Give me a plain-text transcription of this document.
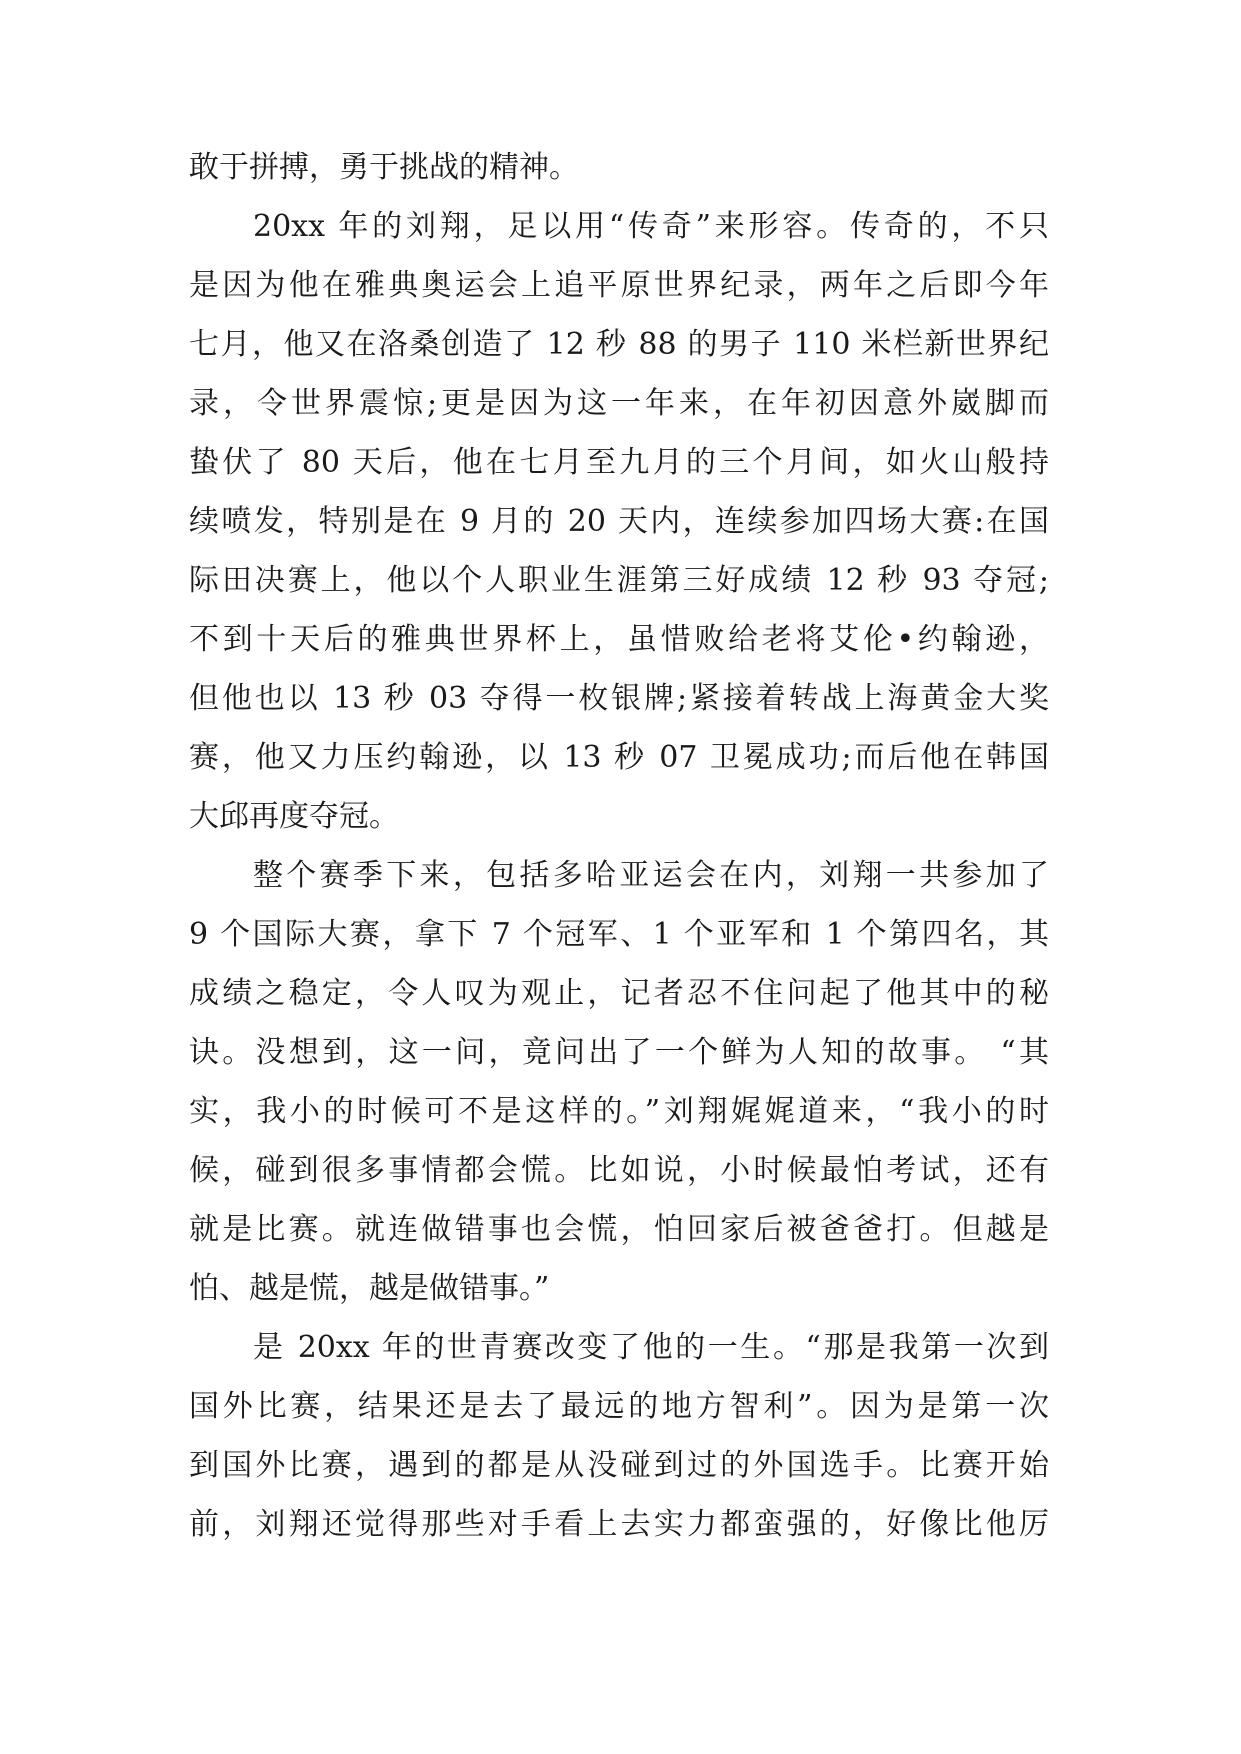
敢于拼搏，勇于挑战的精神。
20xx 年的刘翔，足以用“传奇”来形容。传奇的，不只
是因为他在雅典奥运会上追平原世界纪录，两年之后即今年
七月，他又在洛桑创造了 12 秒 88 的男子 110 米栏新世界纪
录，令世界震惊;更是因为这一年来，在年初因意外崴脚而
蛰伏了 80 天后，他在七月至九月的三个月间，如火山般持
续喷发，特别是在 9 月的 20 天内，连续参加四场大赛:在国
际田决赛上，他以个人职业生涯第三好成绩 12 秒 93 夺冠;
不到十天后的雅典世界杯上，虽惜败给老将艾伦•约翰逊，
但他也以 13 秒 03 夺得一枚银牌;紧接着转战上海黄金大奖
赛，他又力压约翰逊，以 13 秒 07 卫冕成功;而后他在韩国
大邱再度夺冠。
整个赛季下来，包括多哈亚运会在内，刘翔一共参加了
9 个国际大赛，拿下 7 个冠军、1 个亚军和 1 个第四名，其
成绩之稳定，令人叹为观止，记者忍不住问起了他其中的秘
诀。没想到，这一问，竟问出了一个鲜为人知的故事。 “其
实，我小的时候可不是这样的。”刘翔娓娓道来，“我小的时
候，碰到很多事情都会慌。比如说，小时候最怕考试，还有
就是比赛。就连做错事也会慌，怕回家后被爸爸打。但越是
怕、越是慌，越是做错事。”
是 20xx 年的世青赛改变了他的一生。“那是我第一次到
国外比赛，结果还是去了最远的地方智利”。因为是第一次
到国外比赛，遇到的都是从没碰到过的外国选手。比赛开始
前，刘翔还觉得那些对手看上去实力都蛮强的，好像比他厉
